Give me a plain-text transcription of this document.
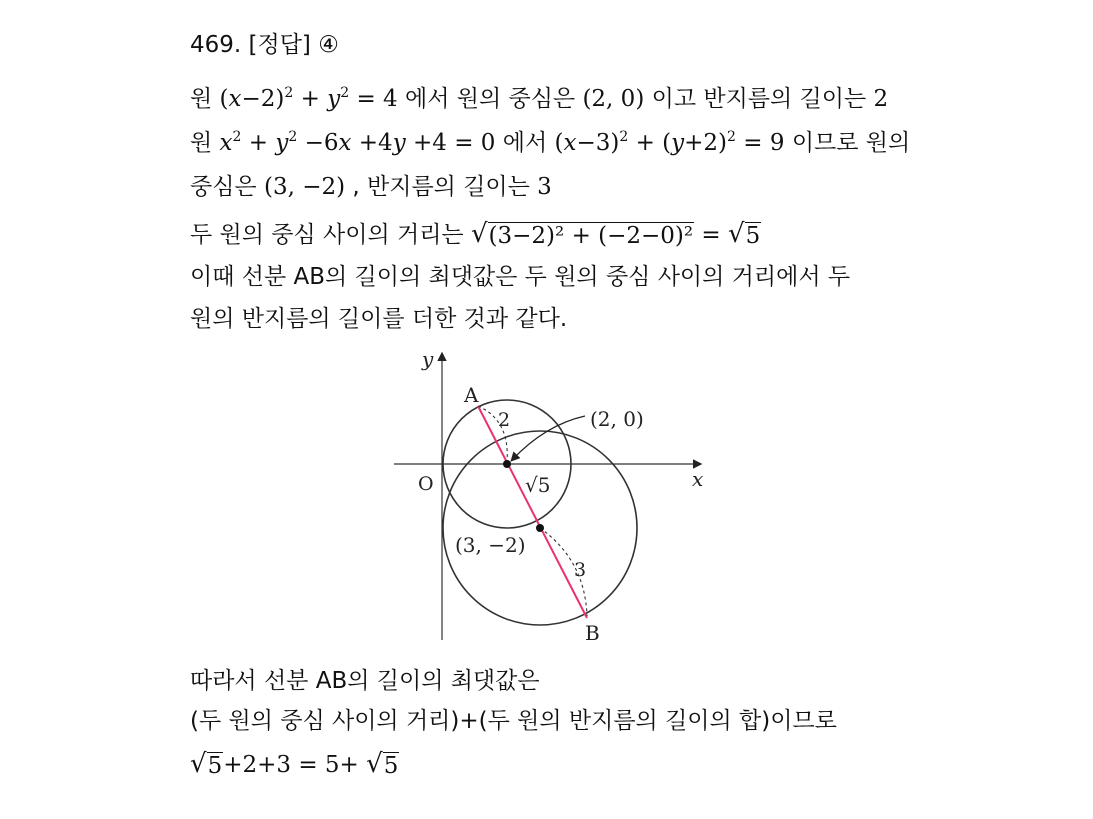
469. [정답] ④
원 $(x-2)^2 + y^2 = 4$ 에서 원의 중심은 (2, 0) 이고 반지름의 길이는 2
원 $x^2 + y^2 -6x +4y +4 = 0$ 에서 $(x-3)^2 + (y+2)^2 = 9$ 이므로 원의
중심은 (3, −2) , 반지름의 길이는 3
두 원의 중심 사이의 거리는 √ (3−2)² + (−2−0)² = √ 5
이때 선분 AB의 길이의 최댓값은 두 원의 중심 사이의 거리에서 두
원의 반지름의 길이를 더한 것과 같다.
y
x
O
A
B
2
3
(2, 0)
(3, −2)
√5
따라서 선분 AB의 길이의 최댓값은
(두 원의 중심 사이의 거리)+(두 원의 반지름의 길이의 합)이므로
√ 5 +2+3 = 5+ √ 5
